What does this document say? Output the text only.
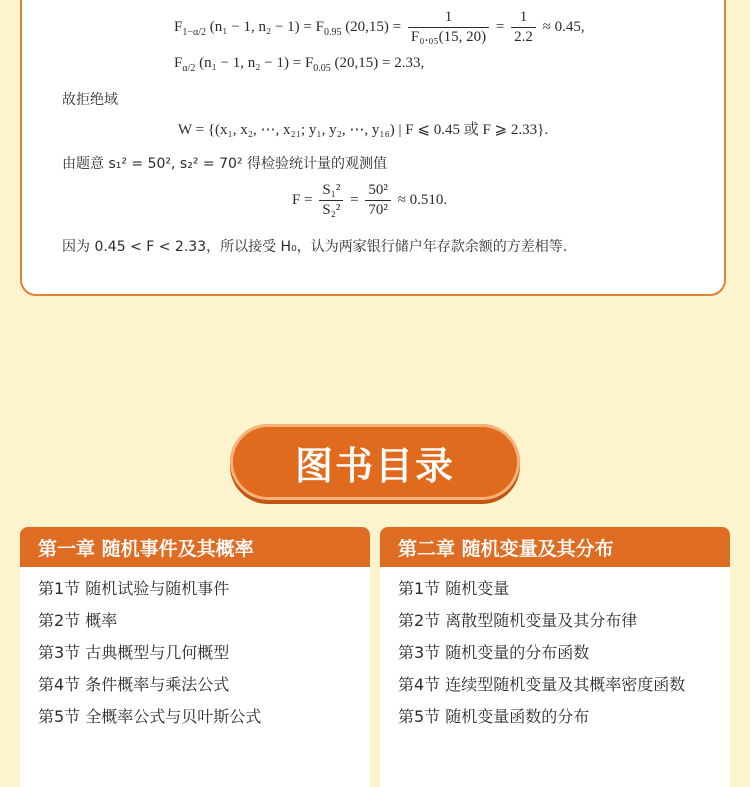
$F_{1-\alpha/2}$ (n₁ − 1, $n_2 - 1) = F_{0.95}$ $(20,15) = \frac{1}{\text{F₀.₀₅(15, 20)}} = \frac{1}{2.2} \approx 0.45$,
$F_{\alpha/2}$ (n₁ − 1, $n_2 - 1) = F_{0.05}$ (20,15) = 2.33,
故拒绝域
W = {(x₁, x₂, ⋯, x₂₁; y₁, y₂, ⋯, y₁₆) | F ⩽ 0.45 或 F ⩾ 2.33}.
由题意 s₁² = 50², s₂² = 70² 得检验统计量的观测值
$F = \frac{\text{S₁²}}{\text{S₂²}} = \frac{\text{50²}}{\text{70²}} \approx 0.510$.
因为 0.45 < F < 2.33，所以接受 H₀，认为两家银行储户年存款余额的方差相等.
图书目录
第一章 随机事件及其概率
第1节 随机试验与随机事件
第2节 概率
第3节 古典概型与几何概型
第4节 条件概率与乘法公式
第5节 全概率公式与贝叶斯公式
第二章 随机变量及其分布
第1节 随机变量
第2节 离散型随机变量及其分布律
第3节 随机变量的分布函数
第4节 连续型随机变量及其概率密度函数
第5节 随机变量函数的分布
